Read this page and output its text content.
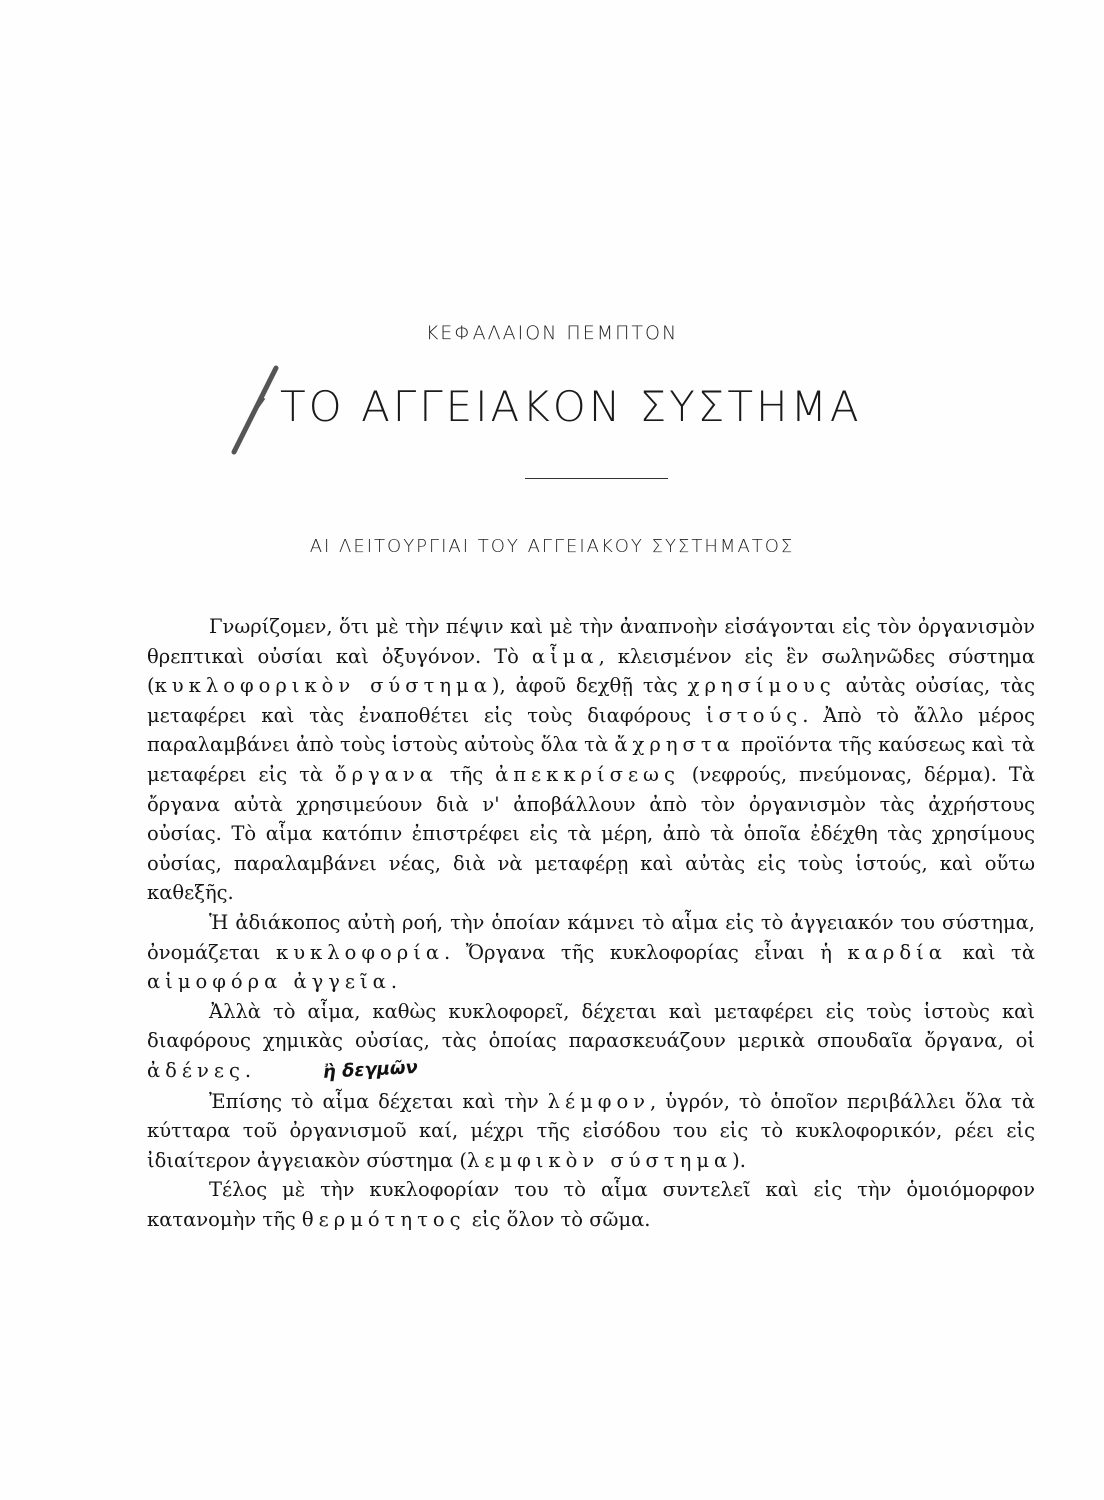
ΚΕΦΑΛΑΙΟΝ ΠΕΜΠΤΟΝ
ΤΟ ΑΓΓΕΙΑΚΟΝ ΣΥΣΤΗΜΑ
ΑΙ ΛΕΙΤΟΥΡΓΙΑΙ ΤΟΥ ΑΓΓΕΙΑΚΟΥ ΣΥΣΤΗΜΑΤΟΣ

Γνωρίζομεν, ὅτι μὲ τὴν πέψιν καὶ μὲ τὴν ἀναπνοὴν εἰσάγονται εἰς τὸν ὀργανισμὸν θρεπτικαὶ οὐσίαι καὶ ὀξυγόνον. Τὸ αἷμα, κλεισμένον εἰς ἓν σωληνῶδες σύστημα (κυκλοφορικὸν σύστημα), ἀφοῦ δεχθῇ τὰς χρησίμους αὐτὰς οὐσίας, τὰς μεταφέρει καὶ τὰς ἐναποθέτει εἰς τοὺς διαφόρους ἱστούς. Ἀπὸ τὸ ἄλλο μέρος παραλαμβάνει ἀπὸ τοὺς ἱστοὺς αὐτοὺς ὅλα τὰ ἄχρηστα προϊόντα τῆς καύσεως καὶ τὰ μεταφέρει εἰς τὰ ὄργανα τῆς ἀπεκκρίσεως (νεφρούς, πνεύμονας, δέρμα). Τὰ ὄργανα αὐτὰ χρησιμεύουν διὰ ν' ἀποβάλλουν ἀπὸ τὸν ὀργανισμὸν τὰς ἀχρήστους οὐσίας. Τὸ αἷμα κατόπιν ἐπιστρέφει εἰς τὰ μέρη, ἀπὸ τὰ ὁποῖα ἐδέχθη τὰς χρησίμους οὐσίας, παραλαμβάνει νέας, διὰ νὰ μεταφέρῃ καὶ αὐτὰς εἰς τοὺς ἱστούς, καὶ οὕτω καθεξῆς.

Ἡ ἀδιάκοπος αὐτὴ ροή, τὴν ὁποίαν κάμνει τὸ αἷμα εἰς τὸ ἀγγειακόν του σύστημα, ὀνομάζεται κυκλοφορία. Ὄργανα τῆς κυκλοφορίας εἶναι ἡ καρδία καὶ τὰ αἱμοφόρα ἀγγεῖα.

Ἀλλὰ τὸ αἷμα, καθὼς κυκλοφορεῖ, δέχεται καὶ μεταφέρει εἰς τοὺς ἱστοὺς καὶ διαφόρους χημικὰς οὐσίας, τὰς ὁποίας παρασκευάζουν μερικὰ σπουδαῖα ὄργανα, οἱ ἀδένες.	ἢ δεγμῶν

Ἐπίσης τὸ αἷμα δέχεται καὶ τὴν λέμφον, ὑγρόν, τὸ ὁποῖον περιβάλλει ὅλα τὰ κύτταρα τοῦ ὀργανισμοῦ καί, μέχρι τῆς εἰσόδου του εἰς τὸ κυκλοφορικόν, ρέει εἰς ἰδιαίτερον ἀγγειακὸν σύστημα (λεμφικὸν σύστημα).

Τέλος μὲ τὴν κυκλοφορίαν του τὸ αἷμα συντελεῖ καὶ εἰς τὴν ὁμοιόμορφον κατανομὴν τῆς θερμότητος εἰς ὅλον τὸ σῶμα.
